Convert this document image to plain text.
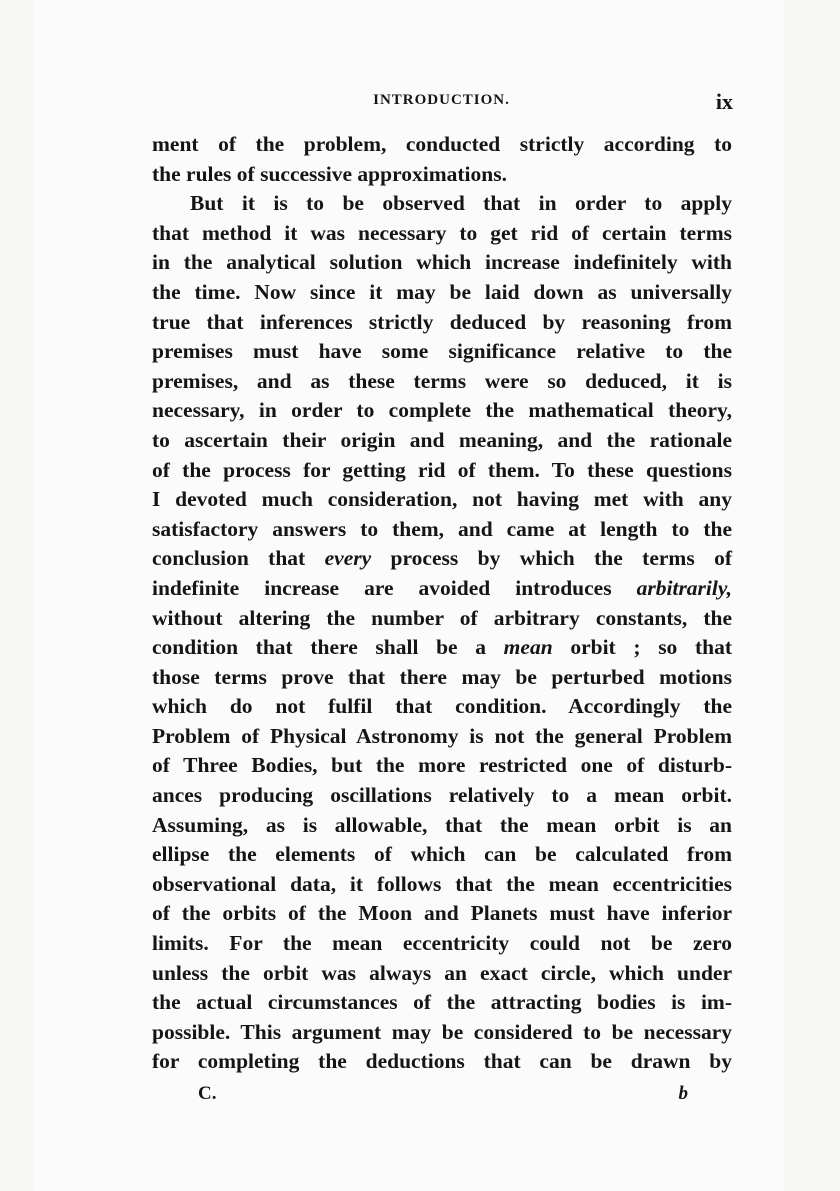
INTRODUCTION.	ix
ment of the problem, conducted strictly according to
the rules of successive approximations.
But it is to be observed that in order to apply
that method it was necessary to get rid of certain terms
in the analytical solution which increase indefinitely with
the time. Now since it may be laid down as universally
true that inferences strictly deduced by reasoning from
premises must have some significance relative to the
premises, and as these terms were so deduced, it is
necessary, in order to complete the mathematical theory,
to ascertain their origin and meaning, and the rationale
of the process for getting rid of them. To these questions
I devoted much consideration, not having met with any
satisfactory answers to them, and came at length to the
conclusion that every process by which the terms of
indefinite increase are avoided introduces arbitrarily,
without altering the number of arbitrary constants, the
condition that there shall be a mean orbit ; so that
those terms prove that there may be perturbed motions
which do not fulfil that condition. Accordingly the
Problem of Physical Astronomy is not the general Problem
of Three Bodies, but the more restricted one of disturb-
ances producing oscillations relatively to a mean orbit.
Assuming, as is allowable, that the mean orbit is an
ellipse the elements of which can be calculated from
observational data, it follows that the mean eccentricities
of the orbits of the Moon and Planets must have inferior
limits. For the mean eccentricity could not be zero
unless the orbit was always an exact circle, which under
the actual circumstances of the attracting bodies is im-
possible. This argument may be considered to be necessary
for completing the deductions that can be drawn by
C.	b
